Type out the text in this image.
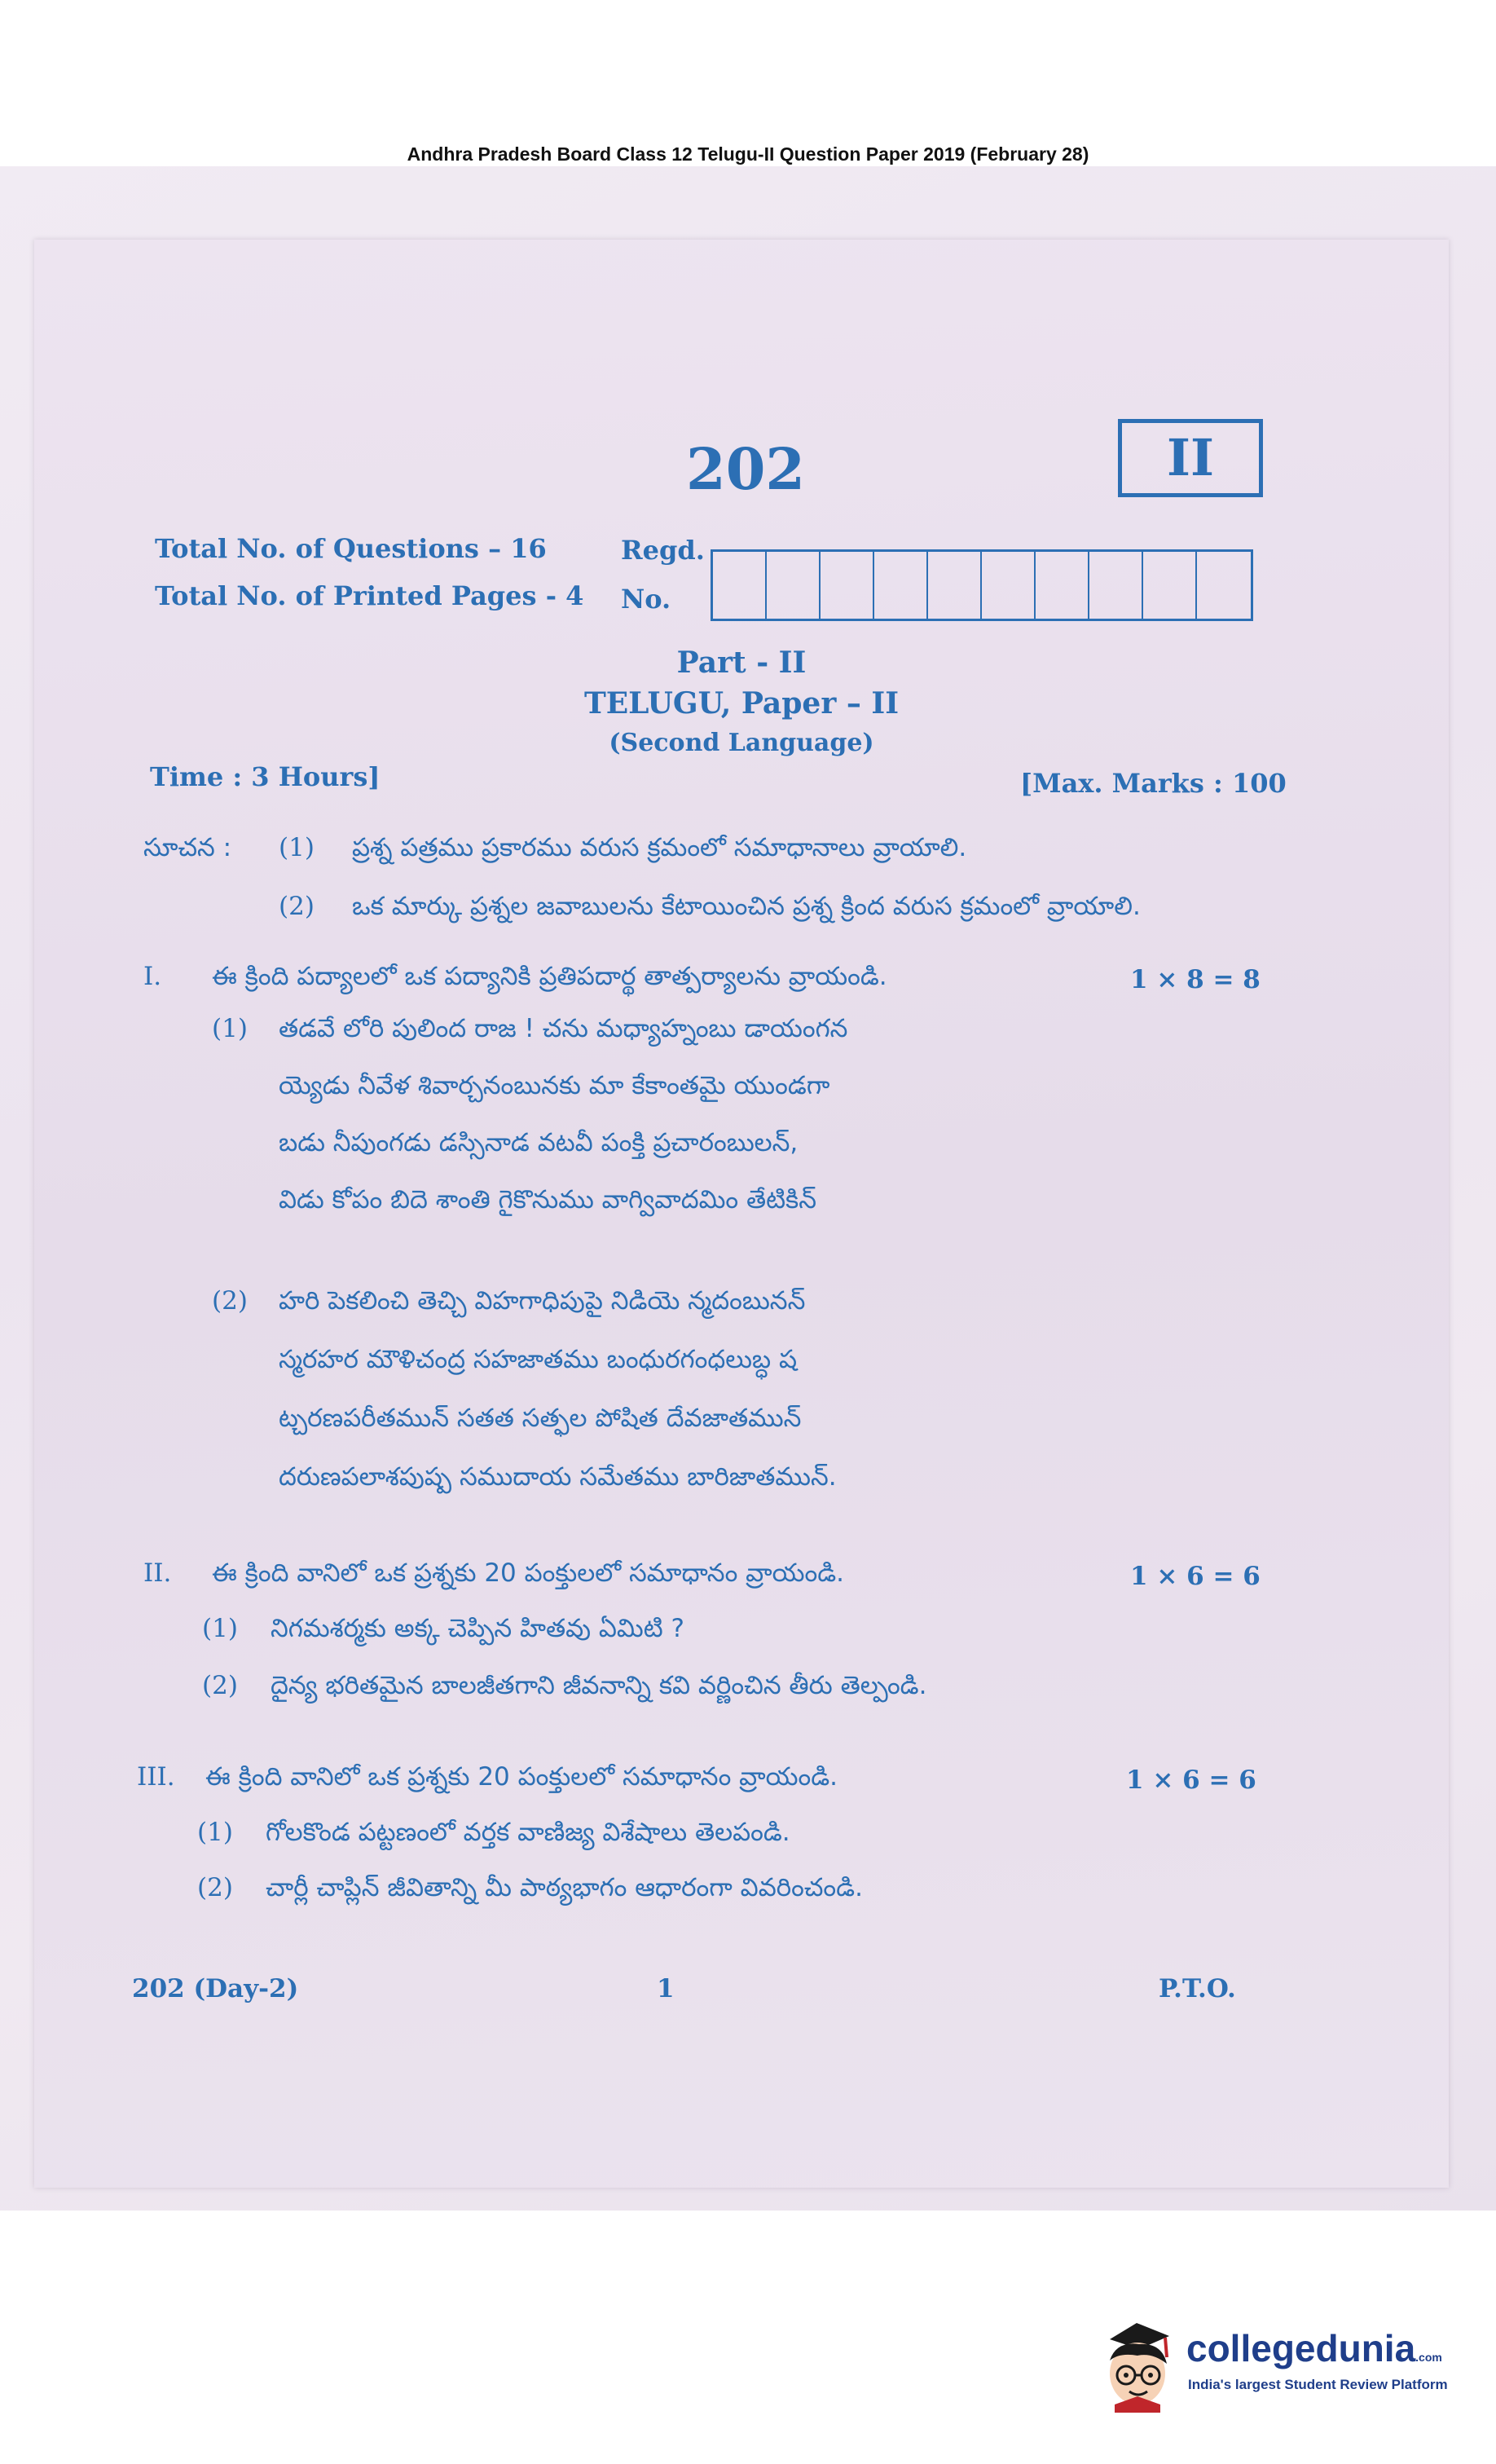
Andhra Pradesh Board Class 12 Telugu-II Question Paper 2019 (February 28)
202	II
Total No. of Questions – 16
Total No. of Printed Pages - 4
Regd.
No.
Part - II
TELUGU, Paper – II
(Second Language)
Time : 3 Hours]	[Max. Marks : 100
సూచన : (1) ప్రశ్న పత్రము ప్రకారము వరుస క్రమంలో సమాధానాలు వ్రాయాలి.
(2) ఒక మార్కు ప్రశ్నల జవాబులను కేటాయించిన ప్రశ్న క్రింద వరుస క్రమంలో వ్రాయాలి.
I. ఈ క్రింది పద్యాలలో ఒక పద్యానికి ప్రతిపదార్థ తాత్పర్యాలను వ్రాయండి.	1 × 8 = 8
(1) తడవే లోరి పులింద రాజ ! చను మధ్యాహ్నంబు డాయంగన
య్యెడు నీవేళ శివార్చనంబునకు మా కేకాంతమై యుండగా
బడు నీపుంగడు డస్సినాడ వటవీ పంక్తి ప్రచారంబులన్,
విడు కోపం బిదె శాంతి గైకొనుము వాగ్వివాదమిం తేటికిన్
(2) హరి పెకలించి తెచ్చి విహగాధిపుపై నిడియె న్మదంబునన్
స్మరహర మౌళిచంద్ర సహజాతము బంధురగంధలుబ్ధ ష
ట్చరణపరీతమున్ సతత సత్ఫల పోషిత దేవజాతమున్
దరుణపలాశపుష్ప సముదాయ సమేతము బారిజాతమున్.
II. ఈ క్రింది వానిలో ఒక ప్రశ్నకు 20 పంక్తులలో సమాధానం వ్రాయండి.	1 × 6 = 6
(1) నిగమశర్మకు అక్క చెప్పిన హితవు ఏమిటి ?
(2) దైన్య భరితమైన బాలజీతగాని జీవనాన్ని కవి వర్ణించిన తీరు తెల్పండి.
III. ఈ క్రింది వానిలో ఒక ప్రశ్నకు 20 పంక్తులలో సమాధానం వ్రాయండి.	1 × 6 = 6
(1) గోలకొండ పట్టణంలో వర్తక వాణిజ్య విశేషాలు తెలపండి.
(2) చార్లీ చాప్లిన్ జీవితాన్ని మీ పాఠ్యభాగం ఆధారంగా వివరించండి.
202 (Day-2)	1	P.T.O.
collegedunia.com
India's largest Student Review Platform
